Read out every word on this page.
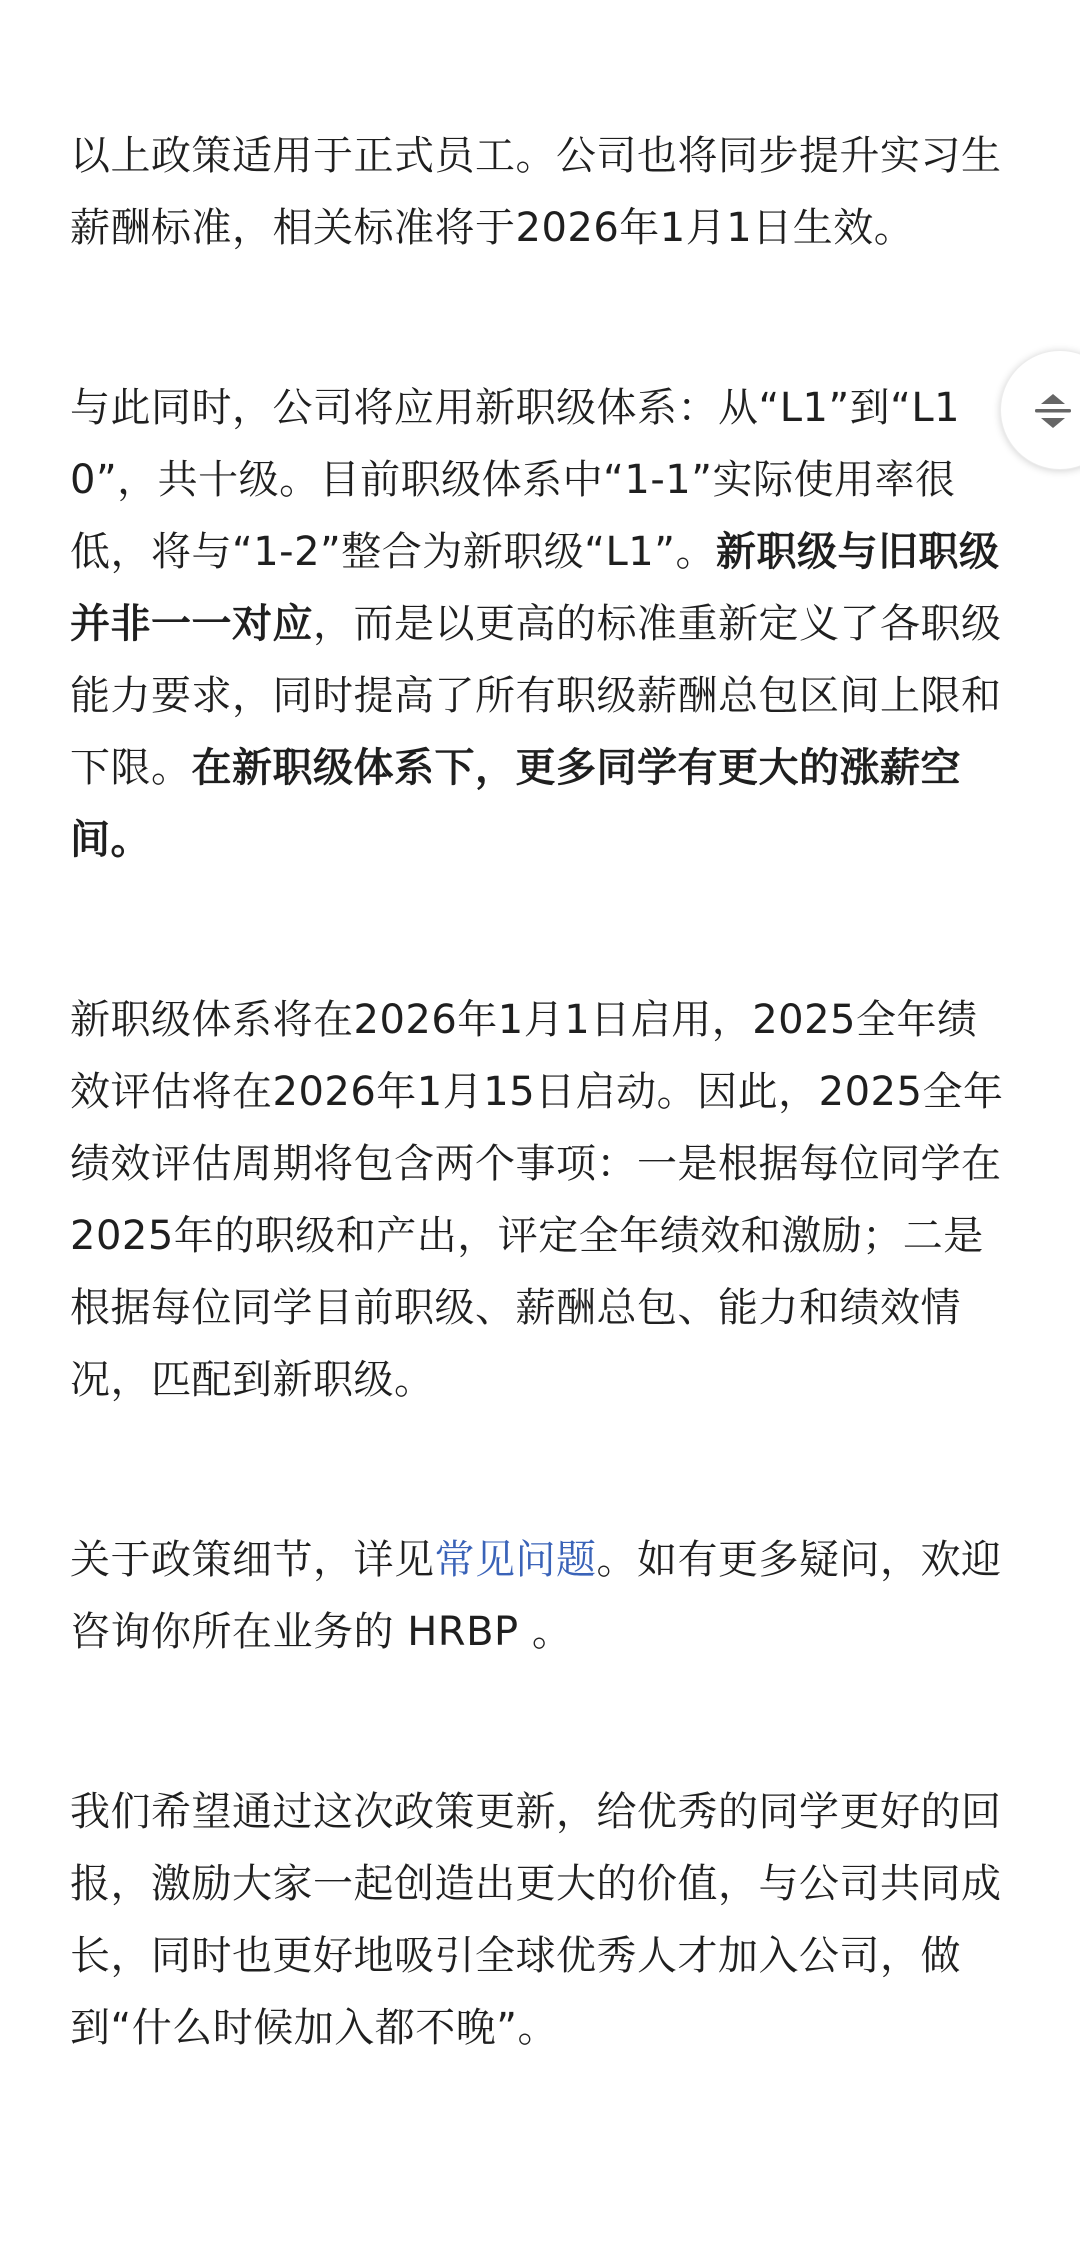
以上政策适用于正式员工。公司也将同步提升实习生薪酬标准，相关标准将于2026年1月1日生效。

与此同时，公司将应用新职级体系：从“L1”到“L10”，共十级。目前职级体系中“1-1”实际使用率很低，将与“1-2”整合为新职级“L1”。新职级与旧职级并非一一对应，而是以更高的标准重新定义了各职级能力要求，同时提高了所有职级薪酬总包区间上限和下限。在新职级体系下，更多同学有更大的涨薪空间。

新职级体系将在2026年1月1日启用，2025全年绩效评估将在2026年1月15日启动。因此，2025全年绩效评估周期将包含两个事项：一是根据每位同学在2025年的职级和产出，评定全年绩效和激励；二是根据每位同学目前职级、薪酬总包、能力和绩效情况，匹配到新职级。

关于政策细节，详见常见问题。如有更多疑问，欢迎咨询你所在业务的 HRBP 。

我们希望通过这次政策更新，给优秀的同学更好的回报，激励大家一起创造出更大的价值，与公司共同成长，同时也更好地吸引全球优秀人才加入公司，做到“什么时候加入都不晚”。
